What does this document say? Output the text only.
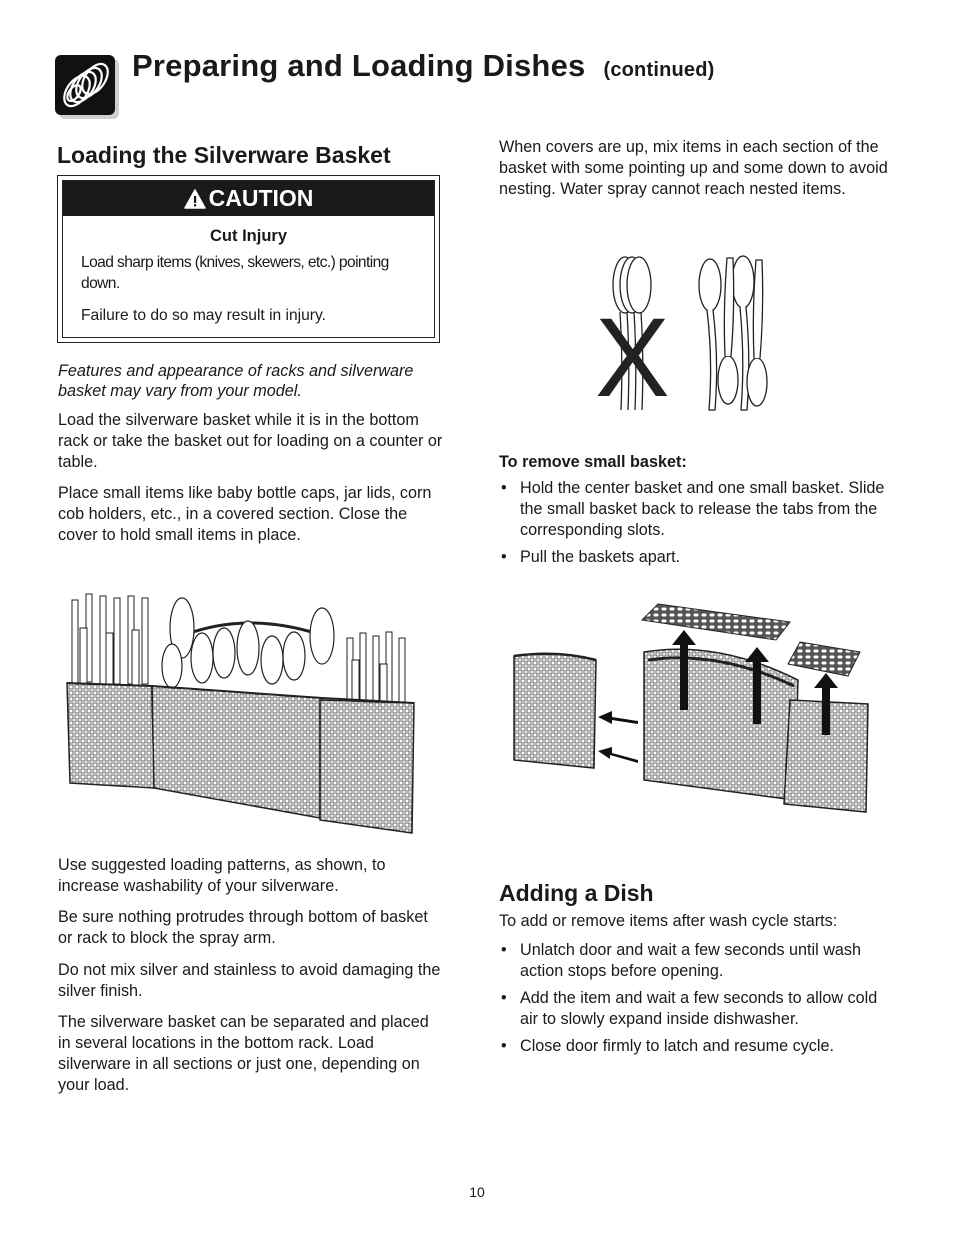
Preparing and Loading Dishes (continued)
Loading the Silverware Basket
CAUTION
Cut Injury

Load sharp items (knives, skewers, etc.) pointing down.

Failure to do so may result in injury.

Features and appearance of racks and silverware basket may vary from your model.

Load the silverware basket while it is in the bottom rack or take the basket out for loading on a counter or table.

Place small items like baby bottle caps, jar lids, corn cob holders, etc., in a covered section. Close the cover to hold small items in place.

Use suggested loading patterns, as shown, to increase washability of your silverware.

Be sure nothing protrudes through bottom of basket or rack to block the spray arm.

Do not mix silver and stainless to avoid damaging the silver finish.

The silverware basket can be separated and placed in several locations in the bottom rack. Load silverware in all sections or just one, depending on your load.

When covers are up, mix items in each section of the basket with some pointing up and some down to avoid nesting. Water spray cannot reach nested items.

X

To remove small basket:

• Hold the center basket and one small basket. Slide the small basket back to release the tabs from the corresponding slots.
• Pull the baskets apart.
Adding a Dish

To add or remove items after wash cycle starts:

• Unlatch door and wait a few seconds until wash action stops before opening.
• Add the item and wait a few seconds to allow cold air to slowly expand inside dishwasher.
• Close door firmly to latch and resume cycle.
10
